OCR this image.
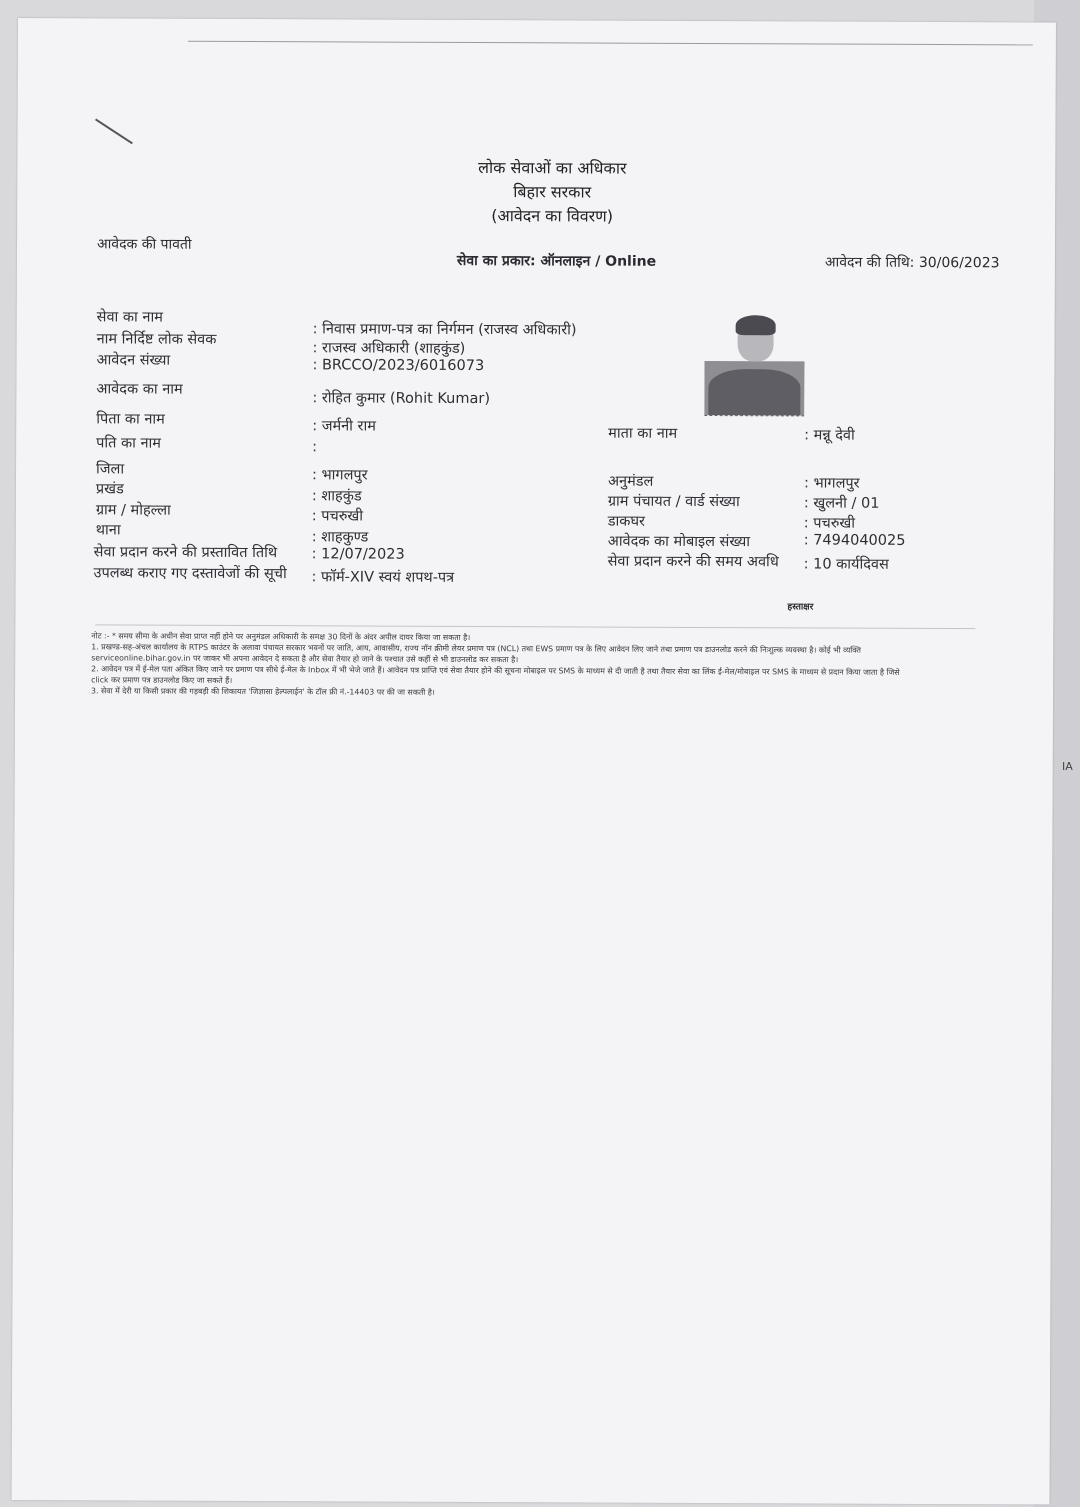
लोक सेवाओं का अधिकार
बिहार सरकार
(आवेदन का विवरण)
आवेदक की पावती
सेवा का प्रकार: ऑनलाइन / Online	आवेदन की तिथि: 30/06/2023
सेवा का नाम
: निवास प्रमाण-पत्र का निर्गमन (राजस्व अधिकारी)
नाम निर्दिष्ट लोक सेवक
: राजस्व अधिकारी (शाहकुंड)
आवेदन संख्या	: BRCCO/2023/6016073
आवेदक का नाम
: रोहित कुमार (Rohit Kumar)
पिता का नाम	: जर्मनी राम
पति का नाम	:
जिला	: भागलपुर
प्रखंड	: शाहकुंड
ग्राम / मोहल्ला	: पचरुखी
थाना	: शाहकुण्ड
सेवा प्रदान करने की प्रस्तावित तिथि : 12/07/2023
उपलब्ध कराए गए दस्तावेजों की सूची : फॉर्म-XIV स्वयं शपथ-पत्र
माता का नाम	: मन्नू देवी
अनुमंडल	: भागलपुर
ग्राम पंचायत / वार्ड संख्या	: खुलनी / 01
डाकघर	: पचरुखी
आवेदक का मोबाइल संख्या	: 7494040025
सेवा प्रदान करने की समय अवधि : 10 कार्यदिवस
हस्ताक्षर
नोट :- * समय सीमा के अधीन सेवा प्राप्त नहीं होने पर अनुमंडल अधिकारी के समक्ष 30 दिनों के अंदर अपील दायर किया जा सकता है।
1. प्रखण्ड-सह-अंचल कार्यालय के RTPS काउंटर के अलावा पंचायत सरकार भवनों पर जाति, आय, आवासीय, राज्य नॉन क्रीमी लेयर प्रमाण पत्र (NCL) तथा EWS प्रमाण पत्र के लिए आवेदन लिए जाने तथा प्रमाण पत्र डाउनलोड करने की निःशुल्क व्यवस्था है। कोई भी व्यक्ति
serviceonline.bihar.gov.in पर जाकर भी अपना आवेदन दे सकता है और सेवा तैयार हो जाने के पश्चात उसे कहीं से भी डाउनलोड कर सकता है।
2. आवेदन पत्र में ई-मेल पता अंकित किए जाने पर प्रमाण पत्र सीधे ई-मेल के Inbox में भी भेजे जाते हैं। आवेदन पत्र प्राप्ति एवं सेवा तैयार होने की सूचना मोबाइल पर SMS के माध्यम से दी जाती है तथा तैयार सेवा का लिंक ई-मेल/मोबाइल पर SMS के माध्यम से प्रदान किया जाता है जिसे
click कर प्रमाण पत्र डाउनलोड किए जा सकते हैं।
3. सेवा में देरी या किसी प्रकार की गड़बड़ी की शिकायत 'जिज्ञासा हेल्पलाईन' के टॉल फ्री नं.-14403 पर की जा सकती है।
IA
